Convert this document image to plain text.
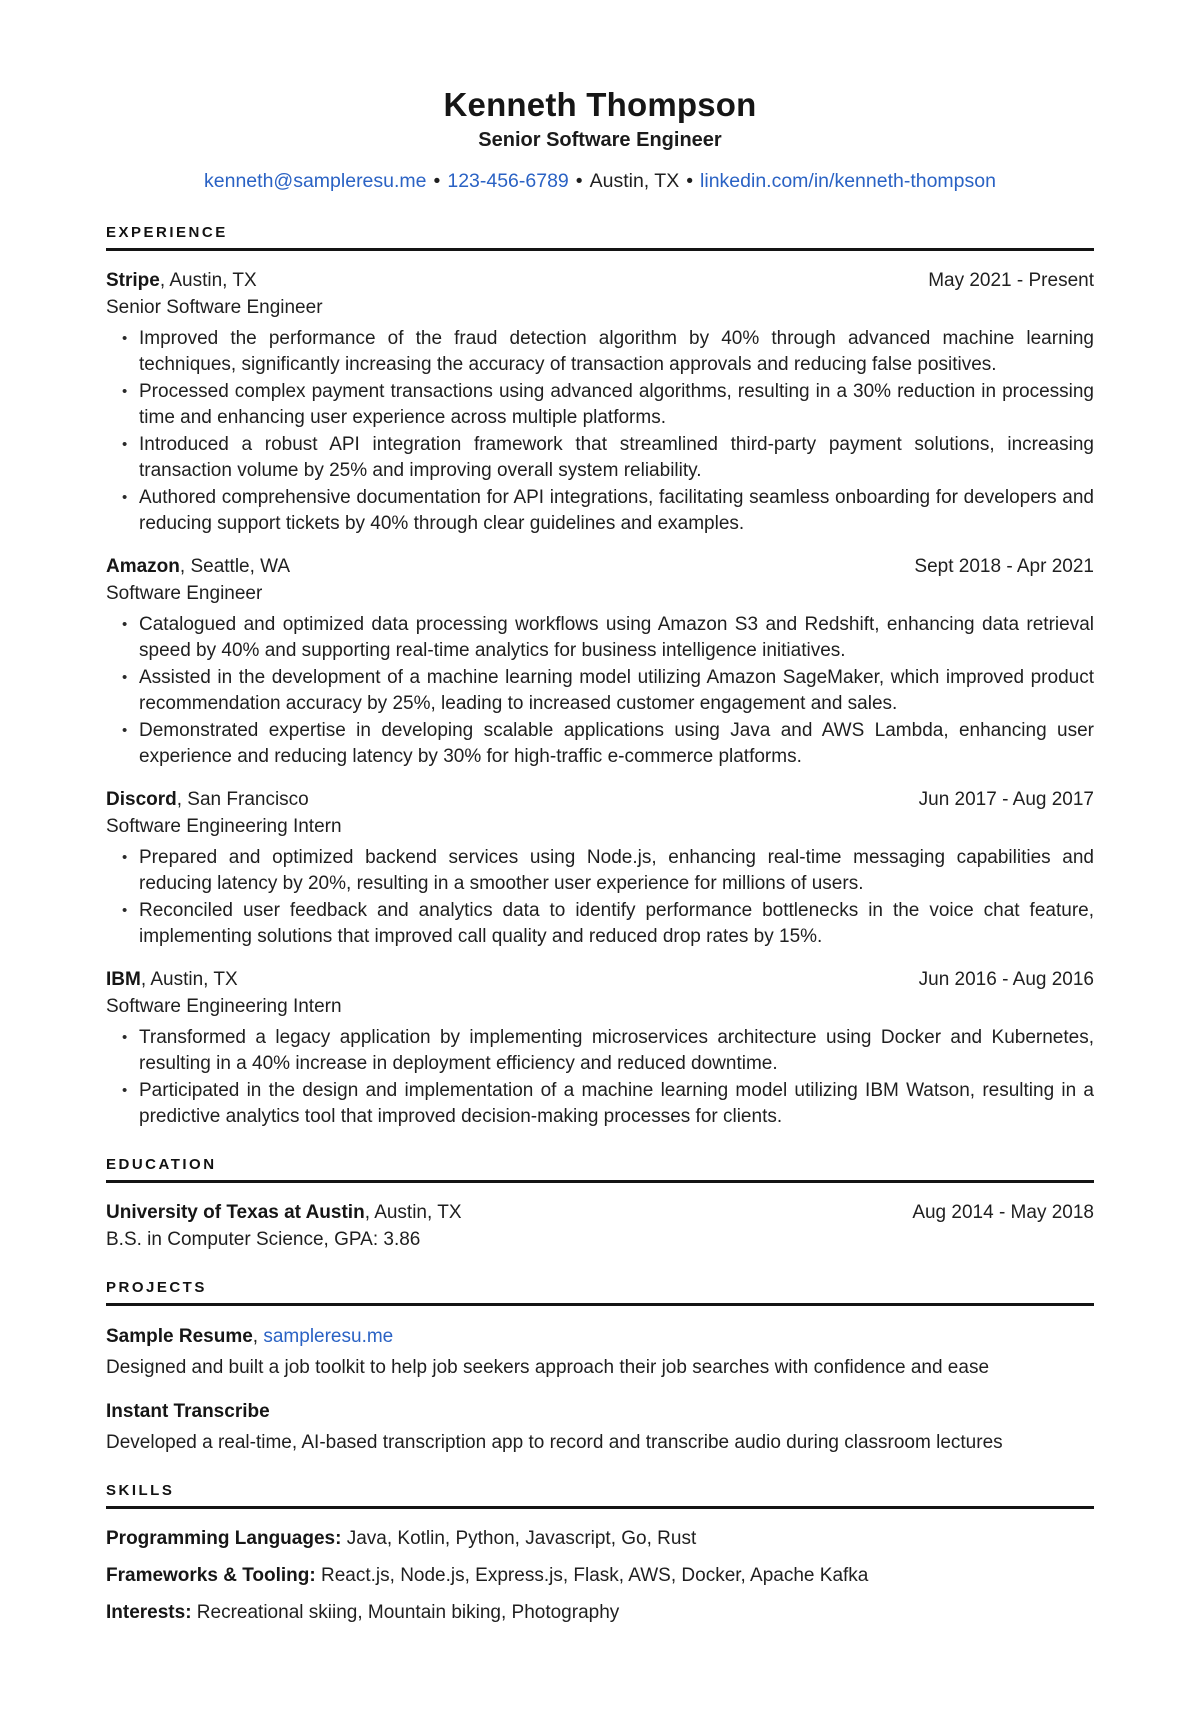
Kenneth Thompson
Senior Software Engineer
kenneth@sampleresu.me • 123-456-6789 • Austin, TX • linkedin.com/in/kenneth-thompson
EXPERIENCE
Stripe, Austin, TX	May 2021 - Present
Senior Software Engineer
• Improved the performance of the fraud detection algorithm by 40% through advanced machine learning techniques, significantly increasing the accuracy of transaction approvals and reducing false positives.
• Processed complex payment transactions using advanced algorithms, resulting in a 30% reduction in processing time and enhancing user experience across multiple platforms.
• Introduced a robust API integration framework that streamlined third-party payment solutions, increasing transaction volume by 25% and improving overall system reliability.
• Authored comprehensive documentation for API integrations, facilitating seamless onboarding for developers and reducing support tickets by 40% through clear guidelines and examples.
Amazon, Seattle, WA	Sept 2018 - Apr 2021
Software Engineer
• Catalogued and optimized data processing workflows using Amazon S3 and Redshift, enhancing data retrieval speed by 40% and supporting real-time analytics for business intelligence initiatives.
• Assisted in the development of a machine learning model utilizing Amazon SageMaker, which improved product recommendation accuracy by 25%, leading to increased customer engagement and sales.
• Demonstrated expertise in developing scalable applications using Java and AWS Lambda, enhancing user experience and reducing latency by 30% for high-traffic e-commerce platforms.
Discord, San Francisco	Jun 2017 - Aug 2017
Software Engineering Intern
• Prepared and optimized backend services using Node.js, enhancing real-time messaging capabilities and reducing latency by 20%, resulting in a smoother user experience for millions of users.
• Reconciled user feedback and analytics data to identify performance bottlenecks in the voice chat feature, implementing solutions that improved call quality and reduced drop rates by 15%.
IBM, Austin, TX	Jun 2016 - Aug 2016
Software Engineering Intern
• Transformed a legacy application by implementing microservices architecture using Docker and Kubernetes, resulting in a 40% increase in deployment efficiency and reduced downtime.
• Participated in the design and implementation of a machine learning model utilizing IBM Watson, resulting in a predictive analytics tool that improved decision-making processes for clients.
EDUCATION
University of Texas at Austin, Austin, TX	Aug 2014 - May 2018
B.S. in Computer Science, GPA: 3.86
PROJECTS
Sample Resume, sampleresu.me
Designed and built a job toolkit to help job seekers approach their job searches with confidence and ease
Instant Transcribe
Developed a real-time, AI-based transcription app to record and transcribe audio during classroom lectures
SKILLS
Programming Languages: Java, Kotlin, Python, Javascript, Go, Rust
Frameworks & Tooling: React.js, Node.js, Express.js, Flask, AWS, Docker, Apache Kafka
Interests: Recreational skiing, Mountain biking, Photography
